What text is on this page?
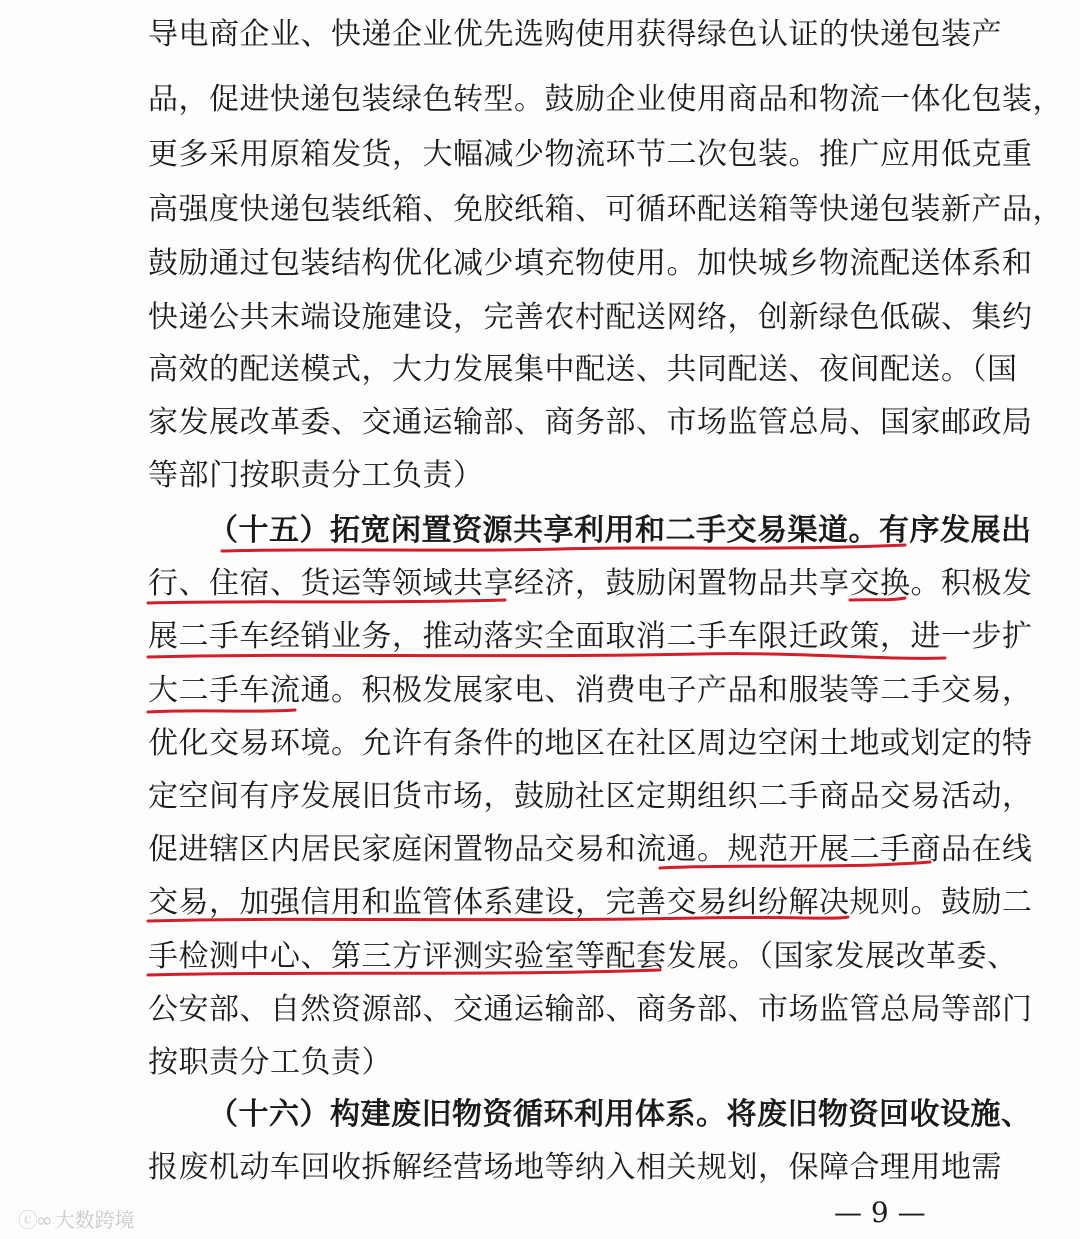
导电商企业、快递企业优先选购使用获得绿色认证的快递包装产
品，促进快递包装绿色转型。鼓励企业使用商品和物流一体化包装，
更多采用原箱发货，大幅减少物流环节二次包装。推广应用低克重
高强度快递包装纸箱、免胶纸箱、可循环配送箱等快递包装新产品，
鼓励通过包装结构优化减少填充物使用。加快城乡物流配送体系和
快递公共末端设施建设，完善农村配送网络，创新绿色低碳、集约
高效的配送模式，大力发展集中配送、共同配送、夜间配送。（国
家发展改革委、交通运输部、商务部、市场监管总局、国家邮政局
等部门按职责分工负责）
（十五）拓宽闲置资源共享利用和二手交易渠道。有序发展出
行、住宿、货运等领域共享经济，鼓励闲置物品共享交换。积极发
展二手车经销业务，推动落实全面取消二手车限迁政策，进一步扩
大二手车流通。积极发展家电、消费电子产品和服装等二手交易，
优化交易环境。允许有条件的地区在社区周边空闲土地或划定的特
定空间有序发展旧货市场，鼓励社区定期组织二手商品交易活动，
促进辖区内居民家庭闲置物品交易和流通。规范开展二手商品在线
交易，加强信用和监管体系建设，完善交易纠纷解决规则。鼓励二
手检测中心、第三方评测实验室等配套发展。（国家发展改革委、
公安部、自然资源部、交通运输部、商务部、市场监管总局等部门
按职责分工负责）
（十六）构建废旧物资循环利用体系。将废旧物资回收设施、
报废机动车回收拆解经营场地等纳入相关规划，保障合理用地需
ⓒ∞ 大数跨境	— 9 —
